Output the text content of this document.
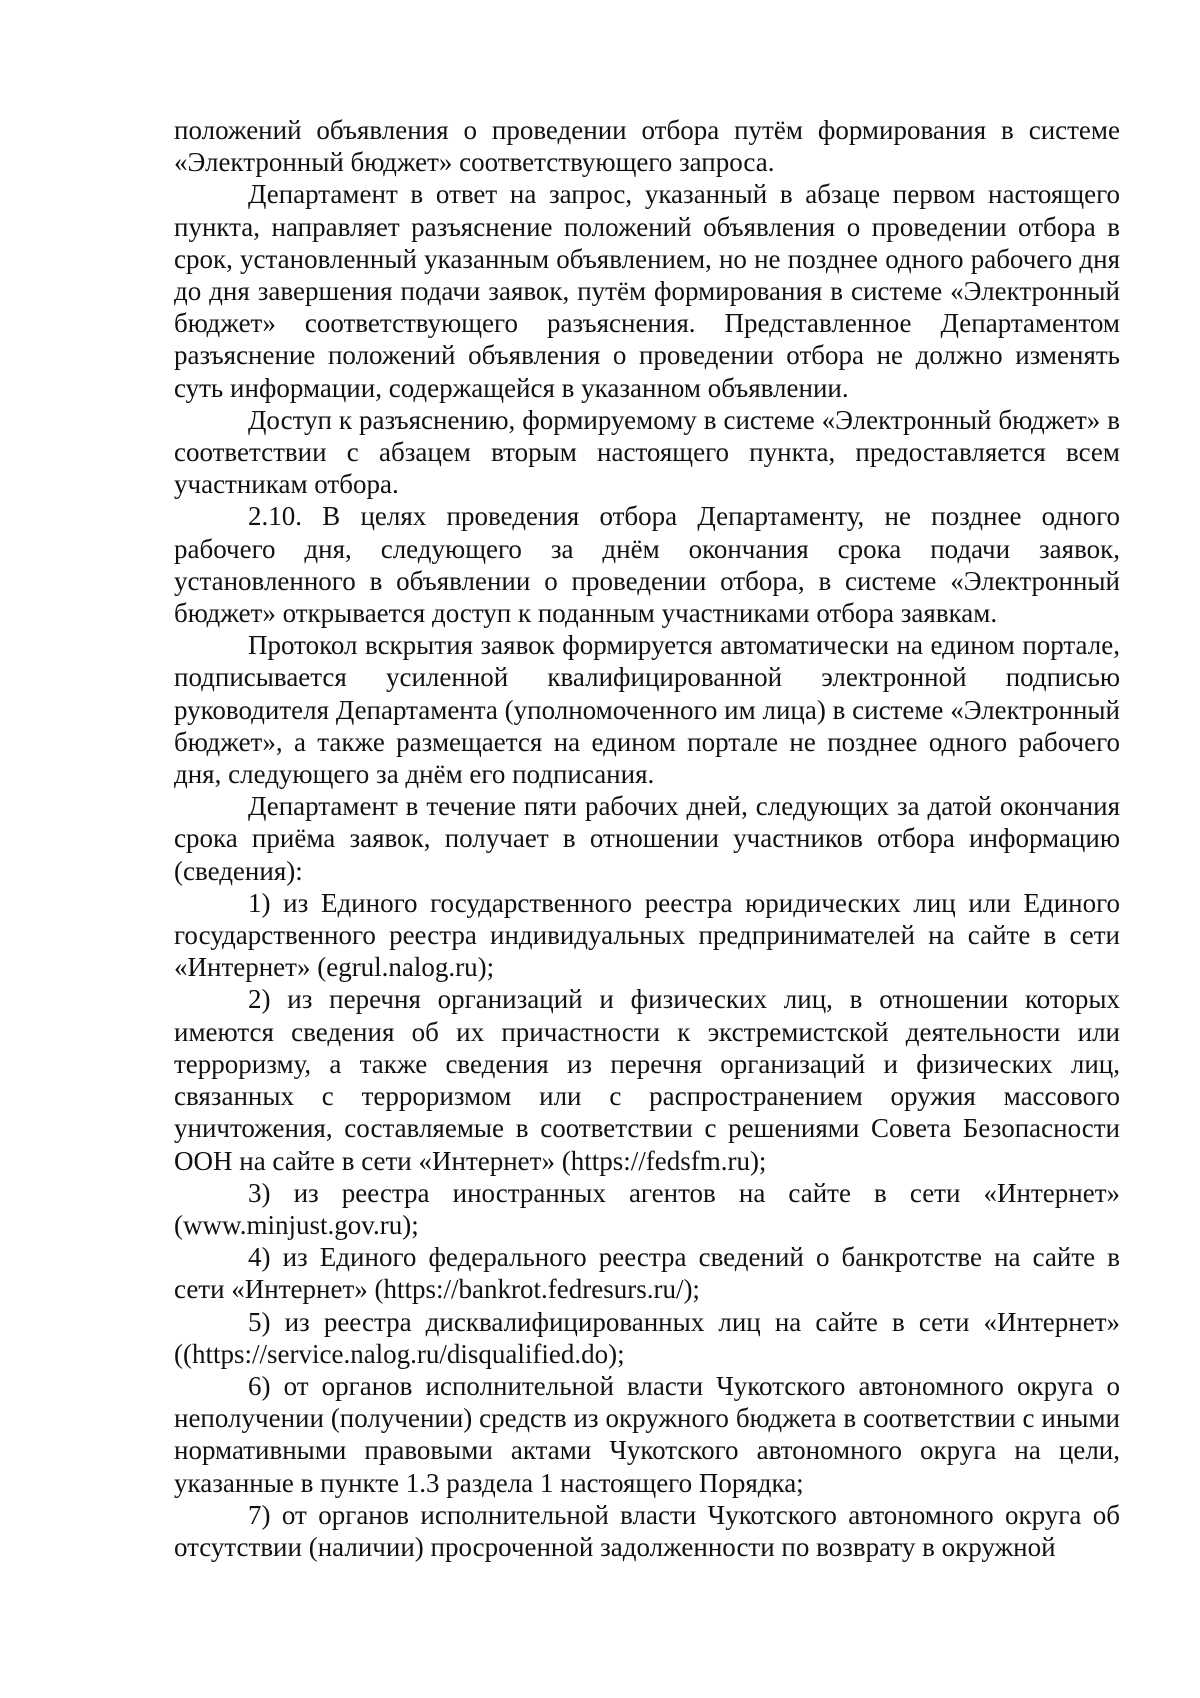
положений объявления о проведении отбора путём формирования в системе «Электронный бюджет» соответствующего запроса.

Департамент в ответ на запрос, указанный в абзаце первом настоящего пункта, направляет разъяснение положений объявления о проведении отбора в срок, установленный указанным объявлением, но не позднее одного рабочего дня до дня завершения подачи заявок, путём формирования в системе «Электронный бюджет» соответствующего разъяснения. Представленное Департаментом разъяснение положений объявления о проведении отбора не должно изменять суть информации, содержащейся в указанном объявлении.

Доступ к разъяснению, формируемому в системе «Электронный бюджет» в соответствии с абзацем вторым настоящего пункта, предоставляется всем участникам отбора.

2.10. В целях проведения отбора Департаменту, не позднее одного рабочего дня, следующего за днём окончания срока подачи заявок, установленного в объявлении о проведении отбора, в системе «Электронный бюджет» открывается доступ к поданным участниками отбора заявкам.

Протокол вскрытия заявок формируется автоматически на едином портале, подписывается усиленной квалифицированной электронной подписью руководителя Департамента (уполномоченного им лица) в системе «Электронный бюджет», а также размещается на едином портале не позднее одного рабочего дня, следующего за днём его подписания.

Департамент в течение пяти рабочих дней, следующих за датой окончания срока приёма заявок, получает в отношении участников отбора информацию (сведения):

1) из Единого государственного реестра юридических лиц или Единого государственного реестра индивидуальных предпринимателей на сайте в сети «Интернет» (egrul.nalog.ru);

2) из перечня организаций и физических лиц, в отношении которых имеются сведения об их причастности к экстремистской деятельности или терроризму, а также сведения из перечня организаций и физических лиц, связанных с терроризмом или с распространением оружия массового уничтожения, составляемые в соответствии с решениями Совета Безопасности ООН на сайте в сети «Интернет» (https://fedsfm.ru);

3) из реестра иностранных агентов на сайте в сети «Интернет» (www.minjust.gov.ru);

4) из Единого федерального реестра сведений о банкротстве на сайте в сети «Интернет» (https://bankrot.fedresurs.ru/);

5) из реестра дисквалифицированных лиц на сайте в сети «Интернет» ((https://service.nalog.ru/disqualified.do);

6) от органов исполнительной власти Чукотского автономного округа о неполучении (получении) средств из окружного бюджета в соответствии с иными нормативными правовыми актами Чукотского автономного округа на цели, указанные в пункте 1.3 раздела 1 настоящего Порядка;

7) от органов исполнительной власти Чукотского автономного округа об отсутствии (наличии) просроченной задолженности по возврату в окружной
